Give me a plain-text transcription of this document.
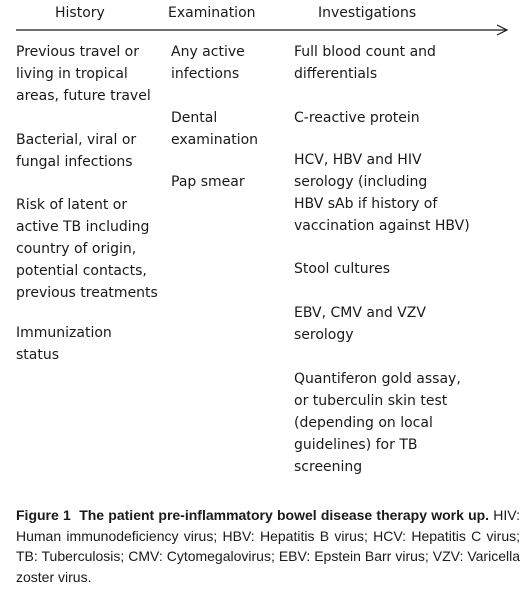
History	Examination	Investigations
Previous travel or
living in tropical
areas, future travel
Bacterial, viral or
fungal infections
Risk of latent or
active TB including
country of origin,
potential contacts,
previous treatments
Immunization
status
Any active
infections
Dental
examination
Pap smear
Full blood count and
differentials
C-reactive protein
HCV, HBV and HIV
serology (including
HBV sAb if history of
vaccination against HBV)
Stool cultures
EBV, CMV and VZV
serology
Quantiferon gold assay,
or tuberculin skin test
(depending on local
guidelines) for TB
screening
Figure 1 The patient pre-inflammatory bowel disease therapy work up. HIV: Human immunodeficiency virus; HBV: Hepatitis B virus; HCV: Hepatitis C virus; TB: Tuberculosis; CMV: Cytomegalovirus; EBV: Epstein Barr virus; VZV: Varicella zoster virus.
